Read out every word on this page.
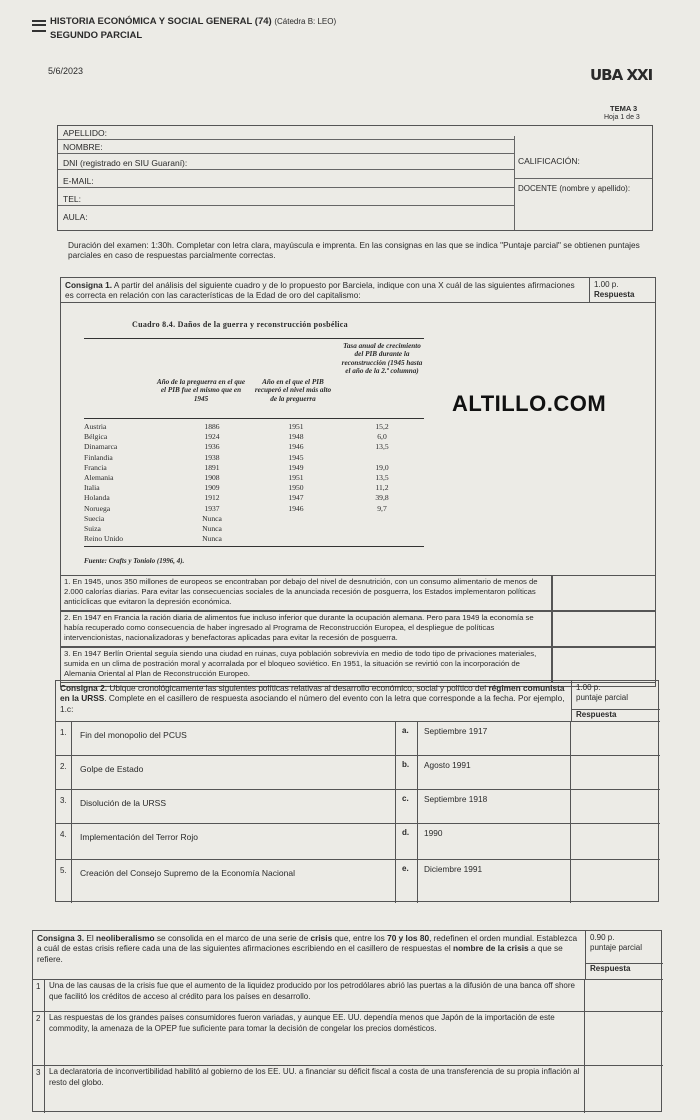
HISTORIA ECONÓMICA Y SOCIAL GENERAL (74) (Cátedra B: LEO)
SEGUNDO PARCIAL
5/6/2023	UBA XXI
TEMA 3
Hoja 1 de 3
APELLIDO:
NOMBRE:
DNI (registrado en SIU Guaraní):
E-MAIL:
TEL:
AULA:
CALIFICACIÓN:
DOCENTE (nombre y apellido):
Duración del examen: 1:30h. Completar con letra clara, mayúscula e imprenta. En las consignas en las que se indica "Puntaje parcial" se obtienen puntajes parciales en caso de respuestas parcialmente correctas.
Consigna 1. A partir del análisis del siguiente cuadro y de lo propuesto por Barciela, indique con una X cuál de las siguientes afirmaciones es correcta en relación con las características de la Edad de oro del capitalismo:
1.00 p.
Respuesta
Cuadro 8.4. Daños de la guerra y reconstrucción posbélica
Año de la preguerra en el que el PIB fue el mismo que en 1945
Año en el que el PIB recuperó el nivel más alto de la preguerra
Tasa anual de crecimiento del PIB durante la reconstrucción (1945 hasta el año de la 2.ª columna)
Austria	1886	1951	15,2
Bélgica	1924	1948	6,0
Dinamarca	1936	1946	13,5
Finlandia	1938	1945
Francia	1891	1949	19,0
Alemania	1908	1951	13,5
Italia	1909	1950	11,2
Holanda	1912	1947	39,8
Noruega	1937	1946	9,7
Suecia	Nunca
Suiza	Nunca
Reino Unido	Nunca
Fuente: Crafts y Toniolo (1996, 4).
ALTILLO.COM
1. En 1945, unos 350 millones de europeos se encontraban por debajo del nivel de desnutrición, con un consumo alimentario de menos de 2.000 calorías diarias. Para evitar las consecuencias sociales de la anunciada recesión de posguerra, los Estados implementaron políticas anticíclicas que evitaron la depresión económica.
2. En 1947 en Francia la ración diaria de alimentos fue incluso inferior que durante la ocupación alemana. Pero para 1949 la economía se había recuperado como consecuencia de haber ingresado al Programa de Reconstrucción Europea, el despliegue de políticas intervencionistas, nacionalizadoras y benefactoras aplicadas para evitar la recesión de posguerra.
3. En 1947 Berlín Oriental seguía siendo una ciudad en ruinas, cuya población sobrevivía en medio de todo tipo de privaciones materiales, sumida en un clima de postración moral y acorralada por el bloqueo soviético. En 1951, la situación se revirtió con la incorporación de Alemania Oriental al Plan de Reconstrucción Europeo.
Consigna 2. Ubique cronológicamente las siguientes políticas relativas al desarrollo económico, social y político del régimen comunista en la URSS. Complete en el casillero de respuesta asociando el número del evento con la letra que corresponde a la fecha. Por ejemplo, 1.c:
1.00 p.
puntaje parcial
Respuesta
1.	Fin del monopolio del PCUS	a.	Septiembre 1917
2.	Golpe de Estado	b.	Agosto 1991
3.	Disolución de la URSS	c.	Septiembre 1918
4.	Implementación del Terror Rojo	d.	1990
5.	Creación del Consejo Supremo de la Economía Nacional	e.	Diciembre 1991
Consigna 3. El neoliberalismo se consolida en el marco de una serie de crisis que, entre los 70 y los 80, redefinen el orden mundial. Establezca a cuál de estas crisis refiere cada una de las siguientes afirmaciones escribiendo en el casillero de respuestas el nombre de la crisis a que se refiere.
0.90 p.
puntaje parcial
Respuesta
1	Una de las causas de la crisis fue que el aumento de la liquidez producido por los petrodólares abrió las puertas a la difusión de una banca off shore que facilitó los créditos de acceso al crédito para los países en desarrollo.
2	Las respuestas de los grandes países consumidores fueron variadas, y aunque EE. UU. dependía menos que Japón de la importación de este commodity, la amenaza de la OPEP fue suficiente para tomar la decisión de congelar los precios domésticos.
3	La declaratoria de inconvertibilidad habilitó al gobierno de los EE. UU. a financiar su déficit fiscal a costa de una transferencia de su propia inflación al resto del globo.
